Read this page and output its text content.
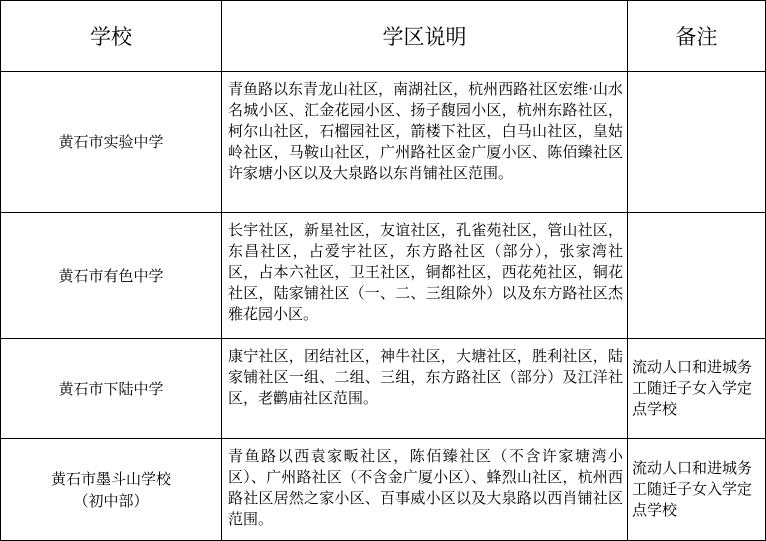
学校	学区说明	备注

黄石市实验中学	青鱼路以东青龙山社区，南湖社区，杭州西路社区宏维·山水名城小区、汇金花园小区、扬子馥园小区，杭州东路社区，柯尔山社区，石榴园社区，箭楼下社区，白马山社区，皇姑岭社区，马鞍山社区，广州路社区金广厦小区、陈佰臻社区许家塘小区以及大泉路以东肖铺社区范围。	

黄石市有色中学	长宇社区，新星社区，友谊社区，孔雀苑社区，管山社区，东昌社区，占爱宇社区，东方路社区（部分），张家湾社区，占本六社区，卫王社区，铜都社区，西花苑社区，铜花社区，陆家铺社区（一、二、三组除外）以及东方路社区杰雅花园小区。	

黄石市下陆中学	康宁社区，团结社区，神牛社区，大塘社区，胜利社区，陆家铺社区一组、二组、三组，东方路社区（部分）及江洋社区，老鹳庙社区范围。	流动人口和进城务工随迁子女入学定点学校

黄石市墨斗山学校
（初中部）	青鱼路以西袁家畈社区，陈佰臻社区（不含许家塘湾小区）、广州路社区（不含金广厦小区）、蜂烈山社区，杭州西路社区居然之家小区、百事威小区以及大泉路以西肖铺社区范围。	流动人口和进城务工随迁子女入学定点学校
